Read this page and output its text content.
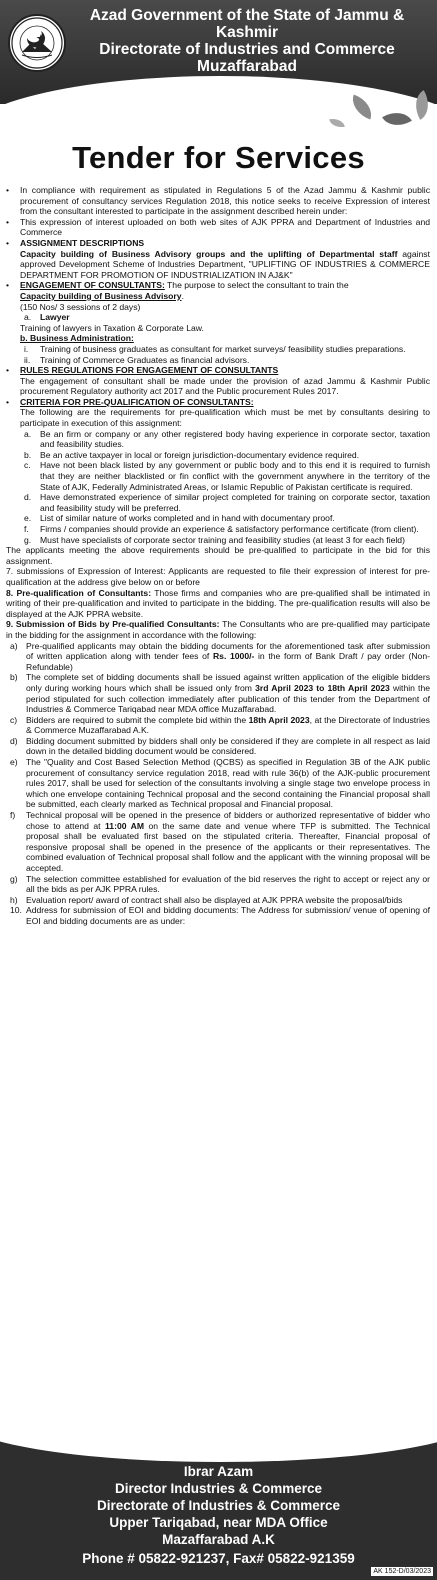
Azad Government of the State of Jammu &
Kashmir
Directorate of Industries and Commerce
Muzaffarabad
Tender for Services
•	In compliance with requirement as stipulated in Regulations 5 of the Azad Jammu & Kashmir public procurement of consultancy services Regulation 2018, this notice seeks to receive Expression of interest from the consultant interested to participate in the assignment described herein under:
•	This expression of interest uploaded on both web sites of AJK PPRA and Department of Industries and Commerce
•	ASSIGNMENT DESCRIPTIONS

Capacity building of Business Advisory groups and the uplifting of Departmental staff against approved Development Scheme of Industries Department, "UPLIFTING OF INDUSTRIES & COMMERCE DEPARTMENT FOR PROMOTION OF INDUSTRIALIZATION IN AJ&K"

•	ENGAGEMENT OF CONSULTANTS: The purpose to select the consultant to train the

Capacity building of Business Advisory.

(150 Nos/ 3 sessions of 2 days)

a.	Lawyer

Training of lawyers in Taxation & Corporate Law.

b. Business Administration:

i.	Training of business graduates as consultant for market surveys/ feasibility studies preparations.
ii.	Training of Commerce Graduates as financial advisors.
•	RULES REGULATIONS FOR ENGAGEMENT OF CONSULTANTS

The engagement of consultant shall be made under the provision of azad Jammu & Kashmir Public procurement Regulatory authority act 2017 and the Public procurement Rules 2017.

•	CRITERIA FOR PRE-QUALIFICATION OF CONSULTANTS:

The following are the requirements for pre-qualification which must be met by consultants desiring to participate in execution of this assignment:

a.	Be an firm or company or any other registered body having experience in corporate sector, taxation and feasibility studies.
b.	Be an active taxpayer in local or foreign jurisdiction-documentary evidence required.
c.	Have not been black listed by any government or public body and to this end it is required to furnish that they are neither blacklisted or fin conflict with the government anywhere in the territory of the State of AJK, Federally Administrated Areas, or Islamic Republic of Pakistan certificate is required.
d.	Have demonstrated experience of similar project completed for training on corporate sector, taxation and feasibility study will be preferred.
e.	List of similar nature of works completed and in hand with documentary proof.
f.	Firms / companies should provide an experience & satisfactory performance certificate (from client).
g.	Must have specialists of corporate sector training and feasibility studies (at least 3 for each field)

The applicants meeting the above requirements should be pre-qualified to participate in the bid for this assignment.

7. submissions of Expression of Interest: Applicants are requested to file their expression of interest for pre-qualification at the address give below on or before

8. Pre-qualification of Consultants: Those firms and companies who are pre-qualified shall be intimated in writing of their pre-qualification and invited to participate in the bidding. The pre-qualification results will also be displayed at the AJK PPRA website.

9. Submission of Bids by Pre-qualified Consultants: The Consultants who are pre-qualified may participate in the bidding for the assignment in accordance with the following:

a) Pre-qualified applicants may obtain the bidding documents for the aforementioned task after submission of written application along with tender fees of Rs. 1000/- in the form of Bank Draft / pay order (Non-Refundable)
b) The complete set of bidding documents shall be issued against written application of the eligible bidders only during working hours which shall be issued only from 3rd April 2023 to 18th April 2023 within the period stipulated for such collection immediately after publication of this tender from the Department of Industries & Commerce Tariqabad near MDA office Muzaffarabad.
c)	Bidders are required to submit the complete bid within the 18th April 2023, at the Directorate of Industries & Commerce Muzaffarabad A.K.
d) Bidding document submitted by bidders shall only be considered if they are complete in all respect as laid down in the detailed bidding document would be considered.
e) The "Quality and Cost Based Selection Method (QCBS) as specified in Regulation 3B of the AJK public procurement of consultancy service regulation 2018, read with rule 36(b) of the AJK-public procurement rules 2017, shall be used for selection of the consultants involving a single stage two envelope process in which one envelope containing Technical proposal and the second containing the Financial proposal shall be submitted, each clearly marked as Technical proposal and Financial proposal.
f)	Technical proposal will be opened in the presence of bidders or authorized representative of bidder who chose to attend at 11:00 AM on the same date and venue where TFP is submitted. The Technical proposal shall be evaluated first based on the stipulated criteria. Thereafter, Financial proposal of responsive proposal shall be opened in the presence of the applicants or their representatives. The combined evaluation of Technical proposal shall follow and the applicant with the winning proposal will be accepted.
g) The selection committee established for evaluation of the bid reserves the right to accept or reject any or all the bids as per AJK PPRA rules.
h) Evaluation report/ award of contract shall also be displayed at AJK PPRA website the proposal/bids
10. Address for submission of EOI and bidding documents: The Address for submission/ venue of opening of EOI and bidding documents are as under:
Ibrar Azam
Director Industries & Commerce
Directorate of Industries & Commerce
Upper Tariqabad, near MDA Office
Mazaffarabad A.K
Phone # 05822-921237, Fax# 05822-921359
AK 152-D/03/2023
